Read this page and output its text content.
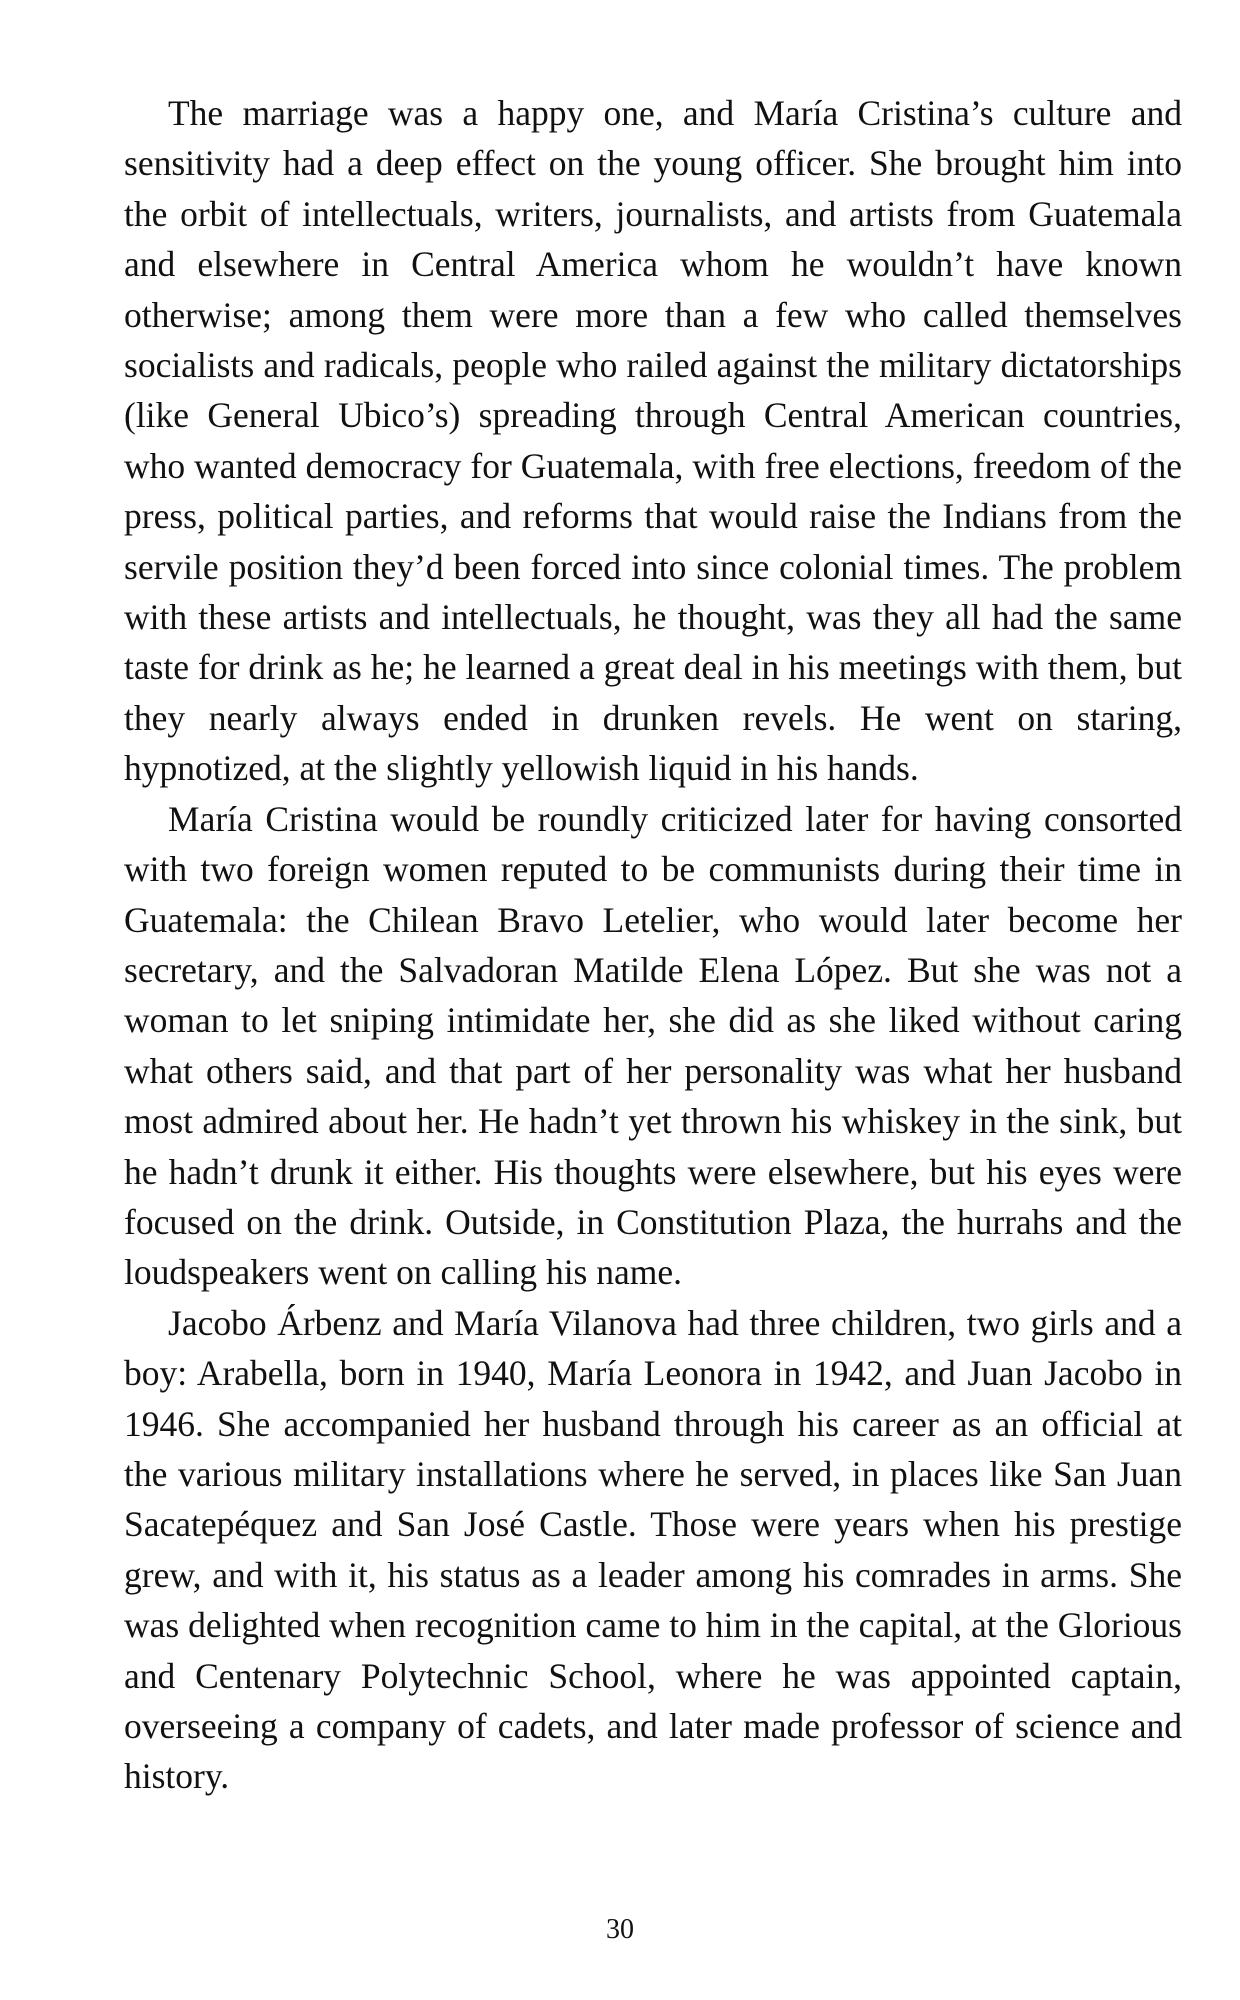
The marriage was a happy one, and María Cristina’s culture and sensitivity had a deep effect on the young officer. She brought him into the orbit of intellectuals, writers, journalists, and artists from Guatemala and elsewhere in Central America whom he wouldn’t have known otherwise; among them were more than a few who called themselves socialists and radicals, people who railed against the military dictatorships (like General Ubico’s) spreading through Central American countries, who wanted democracy for Guatemala, with free elections, freedom of the press, political parties, and reforms that would raise the Indians from the servile position they’d been forced into since colonial times. The problem with these artists and intellectuals, he thought, was they all had the same taste for drink as he; he learned a great deal in his meetings with them, but they nearly always ended in drunken revels. He went on staring, hypnotized, at the slightly yellowish liquid in his hands.

María Cristina would be roundly criticized later for having consorted with two foreign women reputed to be communists during their time in Guatemala: the Chilean Bravo Letelier, who would later become her secretary, and the Salvadoran Matilde Elena López. But she was not a woman to let sniping intimidate her, she did as she liked without caring what others said, and that part of her personality was what her husband most admired about her. He hadn’t yet thrown his whiskey in the sink, but he hadn’t drunk it either. His thoughts were elsewhere, but his eyes were focused on the drink. Outside, in Constitution Plaza, the hurrahs and the loudspeakers went on calling his name.

Jacobo Árbenz and María Vilanova had three children, two girls and a boy: Arabella, born in 1940, María Leonora in 1942, and Juan Jacobo in 1946. She accompanied her husband through his career as an official at the various military installations where he served, in places like San Juan Sacatepéquez and San José Castle. Those were years when his prestige grew, and with it, his status as a leader among his comrades in arms. She was delighted when recognition came to him in the capital, at the Glorious and Centenary Polytechnic School, where he was appointed captain, overseeing a company of cadets, and later made professor of science and history.

30
